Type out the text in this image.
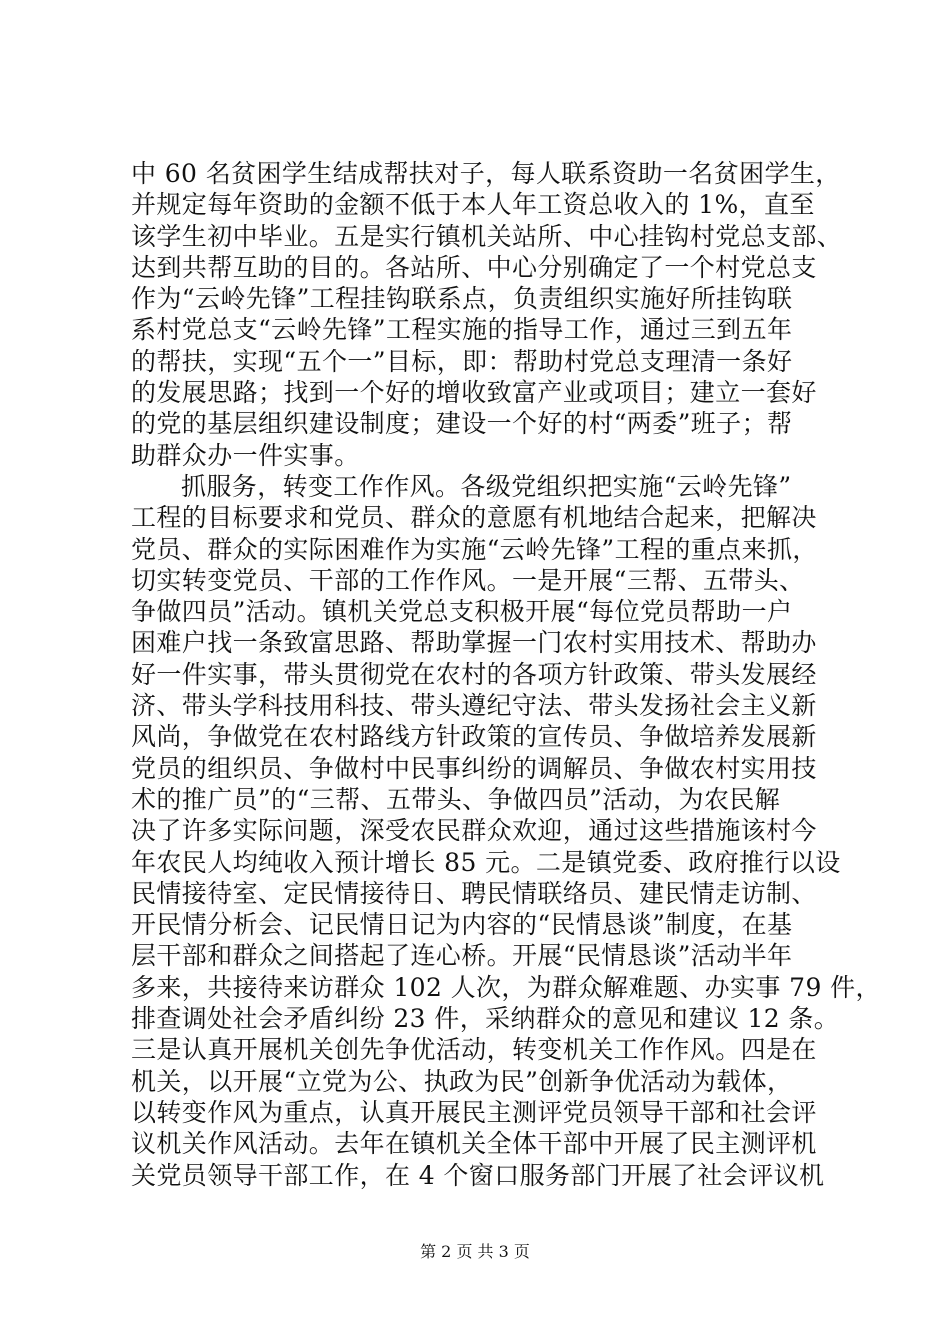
中 60 名贫困学生结成帮扶对子，每人联系资助一名贫困学生，
并规定每年资助的金额不低于本人年工资总收入的 1%，直至
该学生初中毕业。五是实行镇机关站所、中心挂钩村党总支部、
达到共帮互助的目的。各站所、中心分别确定了一个村党总支
作为“云岭先锋”工程挂钩联系点，负责组织实施好所挂钩联
系村党总支“云岭先锋”工程实施的指导工作，通过三到五年
的帮扶，实现“五个一”目标，即：帮助村党总支理清一条好
的发展思路；找到一个好的增收致富产业或项目；建立一套好
的党的基层组织建设制度；建设一个好的村“两委”班子；帮
助群众办一件实事。
抓服务，转变工作作风。各级党组织把实施“云岭先锋”
工程的目标要求和党员、群众的意愿有机地结合起来，把解决
党员、群众的实际困难作为实施“云岭先锋”工程的重点来抓，
切实转变党员、干部的工作作风。一是开展“三帮、五带头、
争做四员”活动。镇机关党总支积极开展“每位党员帮助一户
困难户找一条致富思路、帮助掌握一门农村实用技术、帮助办
好一件实事，带头贯彻党在农村的各项方针政策、带头发展经
济、带头学科技用科技、带头遵纪守法、带头发扬社会主义新
风尚，争做党在农村路线方针政策的宣传员、争做培养发展新
党员的组织员、争做村中民事纠纷的调解员、争做农村实用技
术的推广员”的“三帮、五带头、争做四员”活动，为农民解
决了许多实际问题，深受农民群众欢迎，通过这些措施该村今
年农民人均纯收入预计增长 85 元。二是镇党委、政府推行以设
民情接待室、定民情接待日、聘民情联络员、建民情走访制、
开民情分析会、记民情日记为内容的“民情恳谈”制度，在基
层干部和群众之间搭起了连心桥。开展“民情恳谈”活动半年
多来，共接待来访群众 102 人次，为群众解难题、办实事 79 件，
排查调处社会矛盾纠纷 23 件，采纳群众的意见和建议 12 条。
三是认真开展机关创先争优活动，转变机关工作作风。四是在
机关，以开展“立党为公、执政为民”创新争优活动为载体，
以转变作风为重点，认真开展民主测评党员领导干部和社会评
议机关作风活动。去年在镇机关全体干部中开展了民主测评机
关党员领导干部工作，在 4 个窗口服务部门开展了社会评议机
第 2 页 共 3 页
